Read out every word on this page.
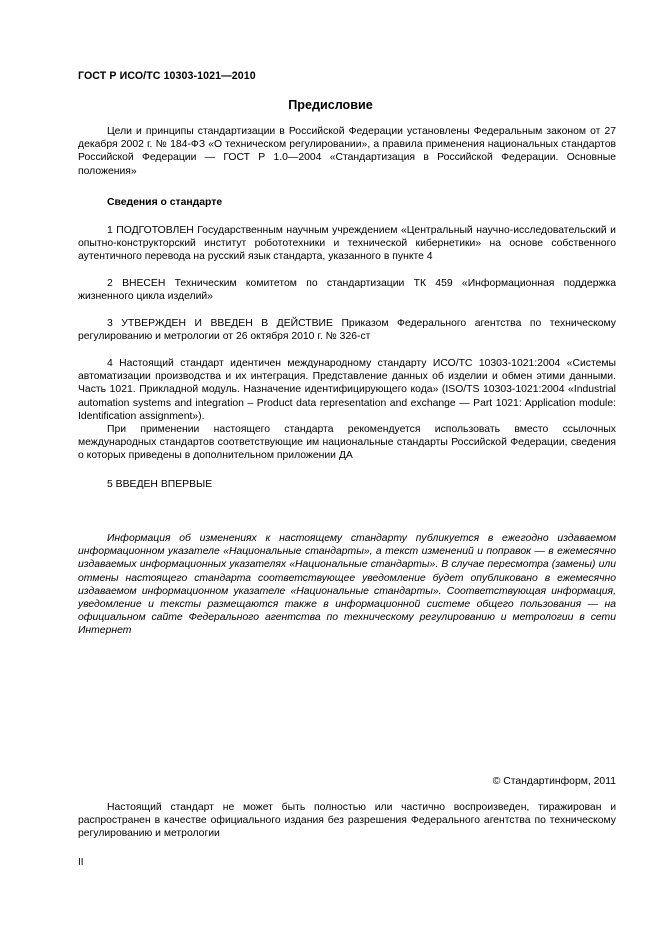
ГОСТ Р ИСО/ТС 10303-1021—2010
Предисловие
Цели и принципы стандартизации в Российской Федерации установлены Федеральным законом от 27 декабря 2002 г. № 184-ФЗ «О техническом регулировании», а правила применения национальных стандартов Российской Федерации — ГОСТ Р 1.0—2004 «Стандартизация в Российской Федерации. Основные положения»
Сведения о стандарте
1 ПОДГОТОВЛЕН Государственным научным учреждением «Центральный научно-исследовательский и опытно-конструкторский институт робототехники и технической кибернетики» на основе собственного аутентичного перевода на русский язык стандарта, указанного в пункте 4
2 ВНЕСЕН Техническим комитетом по стандартизации ТК 459 «Информационная поддержка жизненного цикла изделий»
3 УТВЕРЖДЕН И ВВЕДЕН В ДЕЙСТВИЕ Приказом Федерального агентства по техническому регулированию и метрологии от 26 октября 2010 г. № 326-ст
4 Настоящий стандарт идентичен международному стандарту ИСО/ТС 10303-1021:2004 «Системы автоматизации производства и их интеграция. Представление данных об изделии и обмен этими данными. Часть 1021. Прикладной модуль. Назначение идентифицирующего кода» (ISO/TS 10303-1021:2004 «Industrial automation systems and integration – Product data representation and exchange — Part 1021: Application module: Identification assignment»).
При применении настоящего стандарта рекомендуется использовать вместо ссылочных международных стандартов соответствующие им национальные стандарты Российской Федерации, сведения о которых приведены в дополнительном приложении ДА
5 ВВЕДЕН ВПЕРВЫЕ
Информация об изменениях к настоящему стандарту публикуется в ежегодно издаваемом информационном указателе «Национальные стандарты», а текст изменений и поправок — в ежемесячно издаваемых информационных указателях «Национальные стандарты». В случае пересмотра (замены) или отмены настоящего стандарта соответствующее уведомление будет опубликовано в ежемесячно издаваемом информационном указателе «Национальные стандарты». Соответствующая информация, уведомление и тексты размещаются также в информационной системе общего пользования — на официальном сайте Федерального агентства по техническому регулированию и метрологии в сети Интернет
© Стандартинформ, 2011
Настоящий стандарт не может быть полностью или частично воспроизведен, тиражирован и распространен в качестве официального издания без разрешения Федерального агентства по техническому регулированию и метрологии
II
